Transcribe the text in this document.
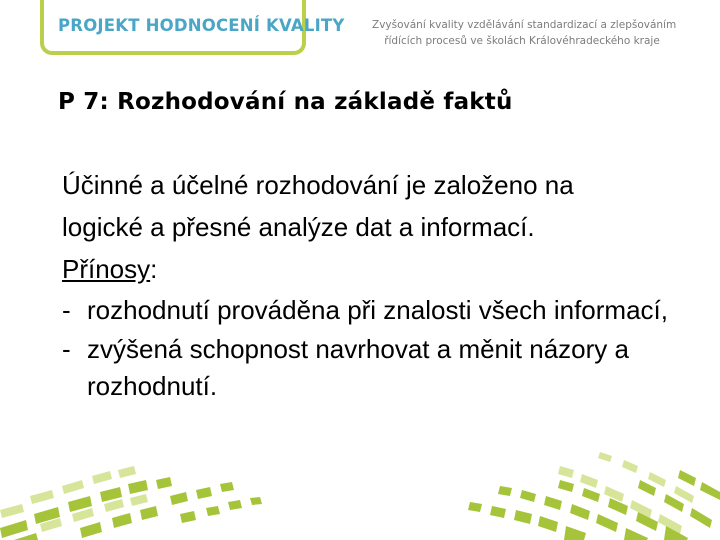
PROJEKT HODNOCENÍ KVALITY	Zvyšování kvality vzdělávání standardizací a zlepšováním
řídících procesů ve školách Královéhradeckého kraje
P 7: Rozhodování na základě faktů

Účinné a účelné rozhodování je založeno na

logické a přesné analýze dat a informací.

Přínosy:

- rozhodnutí prováděna při znalosti všech informací,
- zvýšená schopnost navrhovat a měnit názory a rozhodnutí.
